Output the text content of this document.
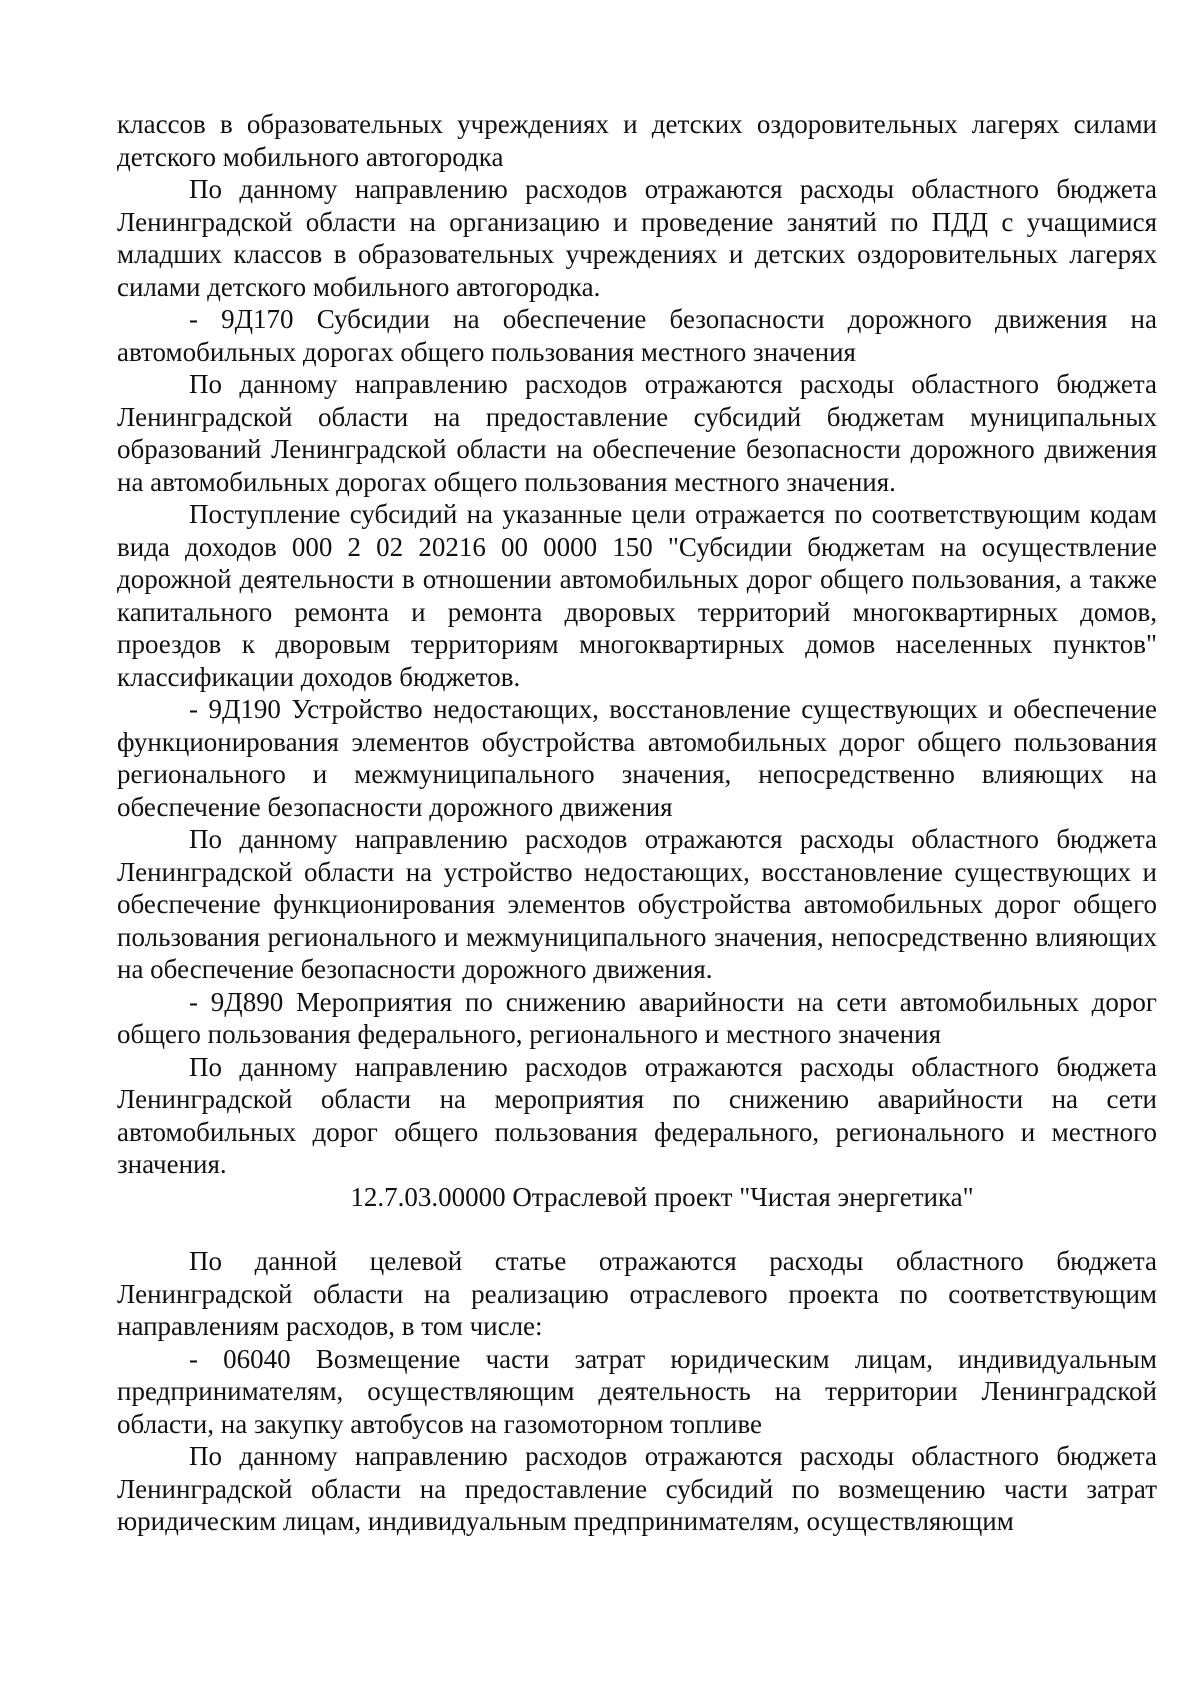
классов в образовательных учреждениях и детских оздоровительных лагерях силами детского мобильного автогородка

По данному направлению расходов отражаются расходы областного бюджета Ленинградской области на организацию и проведение занятий по ПДД с учащимися младших классов в образовательных учреждениях и детских оздоровительных лагерях силами детского мобильного автогородка.

- 9Д170 Субсидии на обеспечение безопасности дорожного движения на автомобильных дорогах общего пользования местного значения

По данному направлению расходов отражаются расходы областного бюджета Ленинградской области на предоставление субсидий бюджетам муниципальных образований Ленинградской области на обеспечение безопасности дорожного движения на автомобильных дорогах общего пользования местного значения.

Поступление субсидий на указанные цели отражается по соответствующим кодам вида доходов 000 2 02 20216 00 0000 150 "Субсидии бюджетам на осуществление дорожной деятельности в отношении автомобильных дорог общего пользования, а также капитального ремонта и ремонта дворовых территорий многоквартирных домов, проездов к дворовым территориям многоквартирных домов населенных пунктов" классификации доходов бюджетов.

- 9Д190 Устройство недостающих, восстановление существующих и обеспечение функционирования элементов обустройства автомобильных дорог общего пользования регионального и межмуниципального значения, непосредственно влияющих на обеспечение безопасности дорожного движения

По данному направлению расходов отражаются расходы областного бюджета Ленинградской области на устройство недостающих, восстановление существующих и обеспечение функционирования элементов обустройства автомобильных дорог общего пользования регионального и межмуниципального значения, непосредственно влияющих на обеспечение безопасности дорожного движения.

- 9Д890 Мероприятия по снижению аварийности на сети автомобильных дорог общего пользования федерального, регионального и местного значения

По данному направлению расходов отражаются расходы областного бюджета Ленинградской области на мероприятия по снижению аварийности на сети автомобильных дорог общего пользования федерального, регионального и местного значения.

12.7.03.00000 Отраслевой проект "Чистая энергетика"

По данной целевой статье отражаются расходы областного бюджета Ленинградской области на реализацию отраслевого проекта по соответствующим направлениям расходов, в том числе:

- 06040 Возмещение части затрат юридическим лицам, индивидуальным предпринимателям, осуществляющим деятельность на территории Ленинградской области, на закупку автобусов на газомоторном топливе

По данному направлению расходов отражаются расходы областного бюджета Ленинградской области на предоставление субсидий по возмещению части затрат юридическим лицам, индивидуальным предпринимателям, осуществляющим
